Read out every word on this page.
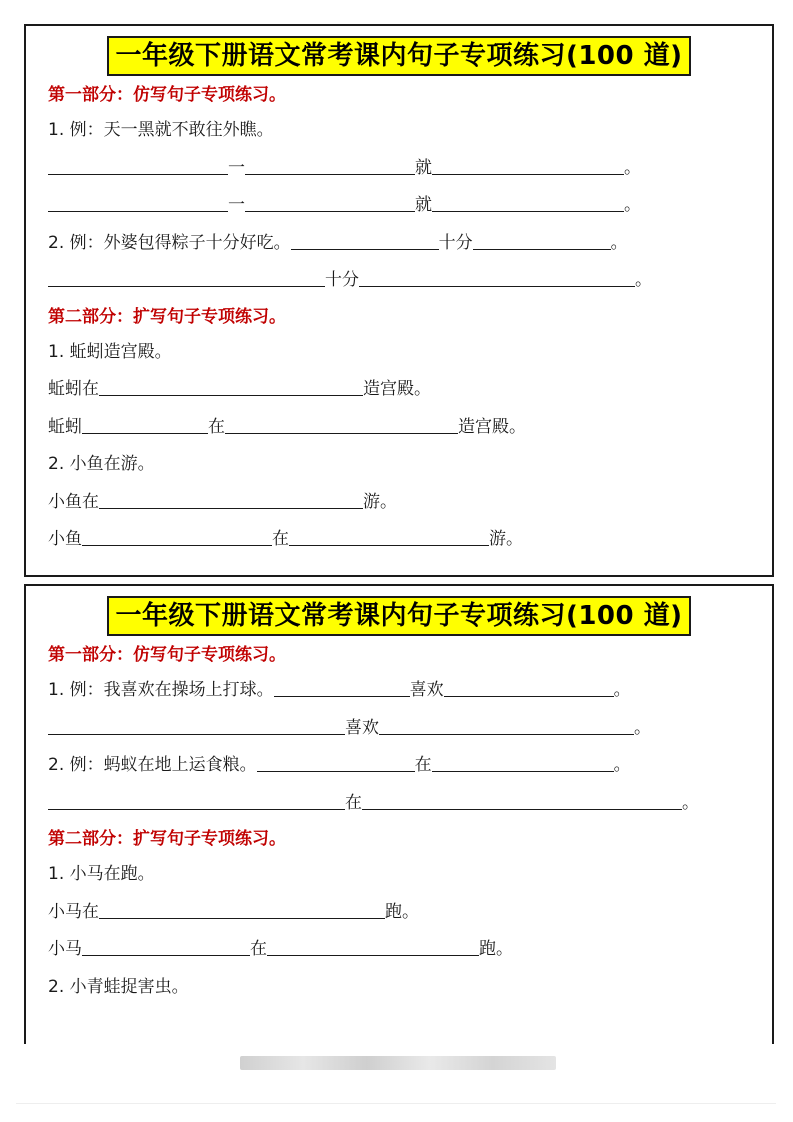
一年级下册语文常考课内句子专项练习(100 道)
第一部分：仿写句子专项练习。
1. 例：天一黑就不敢往外瞧。
一	就	。
一	就	。
2. 例：外婆包得粽子十分好吃。	十分	。
十分	。
第二部分：扩写句子专项练习。
1. 蚯蚓造宫殿。
蚯蚓在	造宫殿。
蚯蚓	在	造宫殿。
2. 小鱼在游。
小鱼在	游。
小鱼	在	游。
一年级下册语文常考课内句子专项练习(100 道)
第一部分：仿写句子专项练习。
1. 例：我喜欢在操场上打球。	喜欢	。
喜欢	。
2. 例：蚂蚁在地上运食粮。	在	。
在	。
第二部分：扩写句子专项练习。
1. 小马在跑。
小马在	跑。
小马	在	跑。
2. 小青蛙捉害虫。
